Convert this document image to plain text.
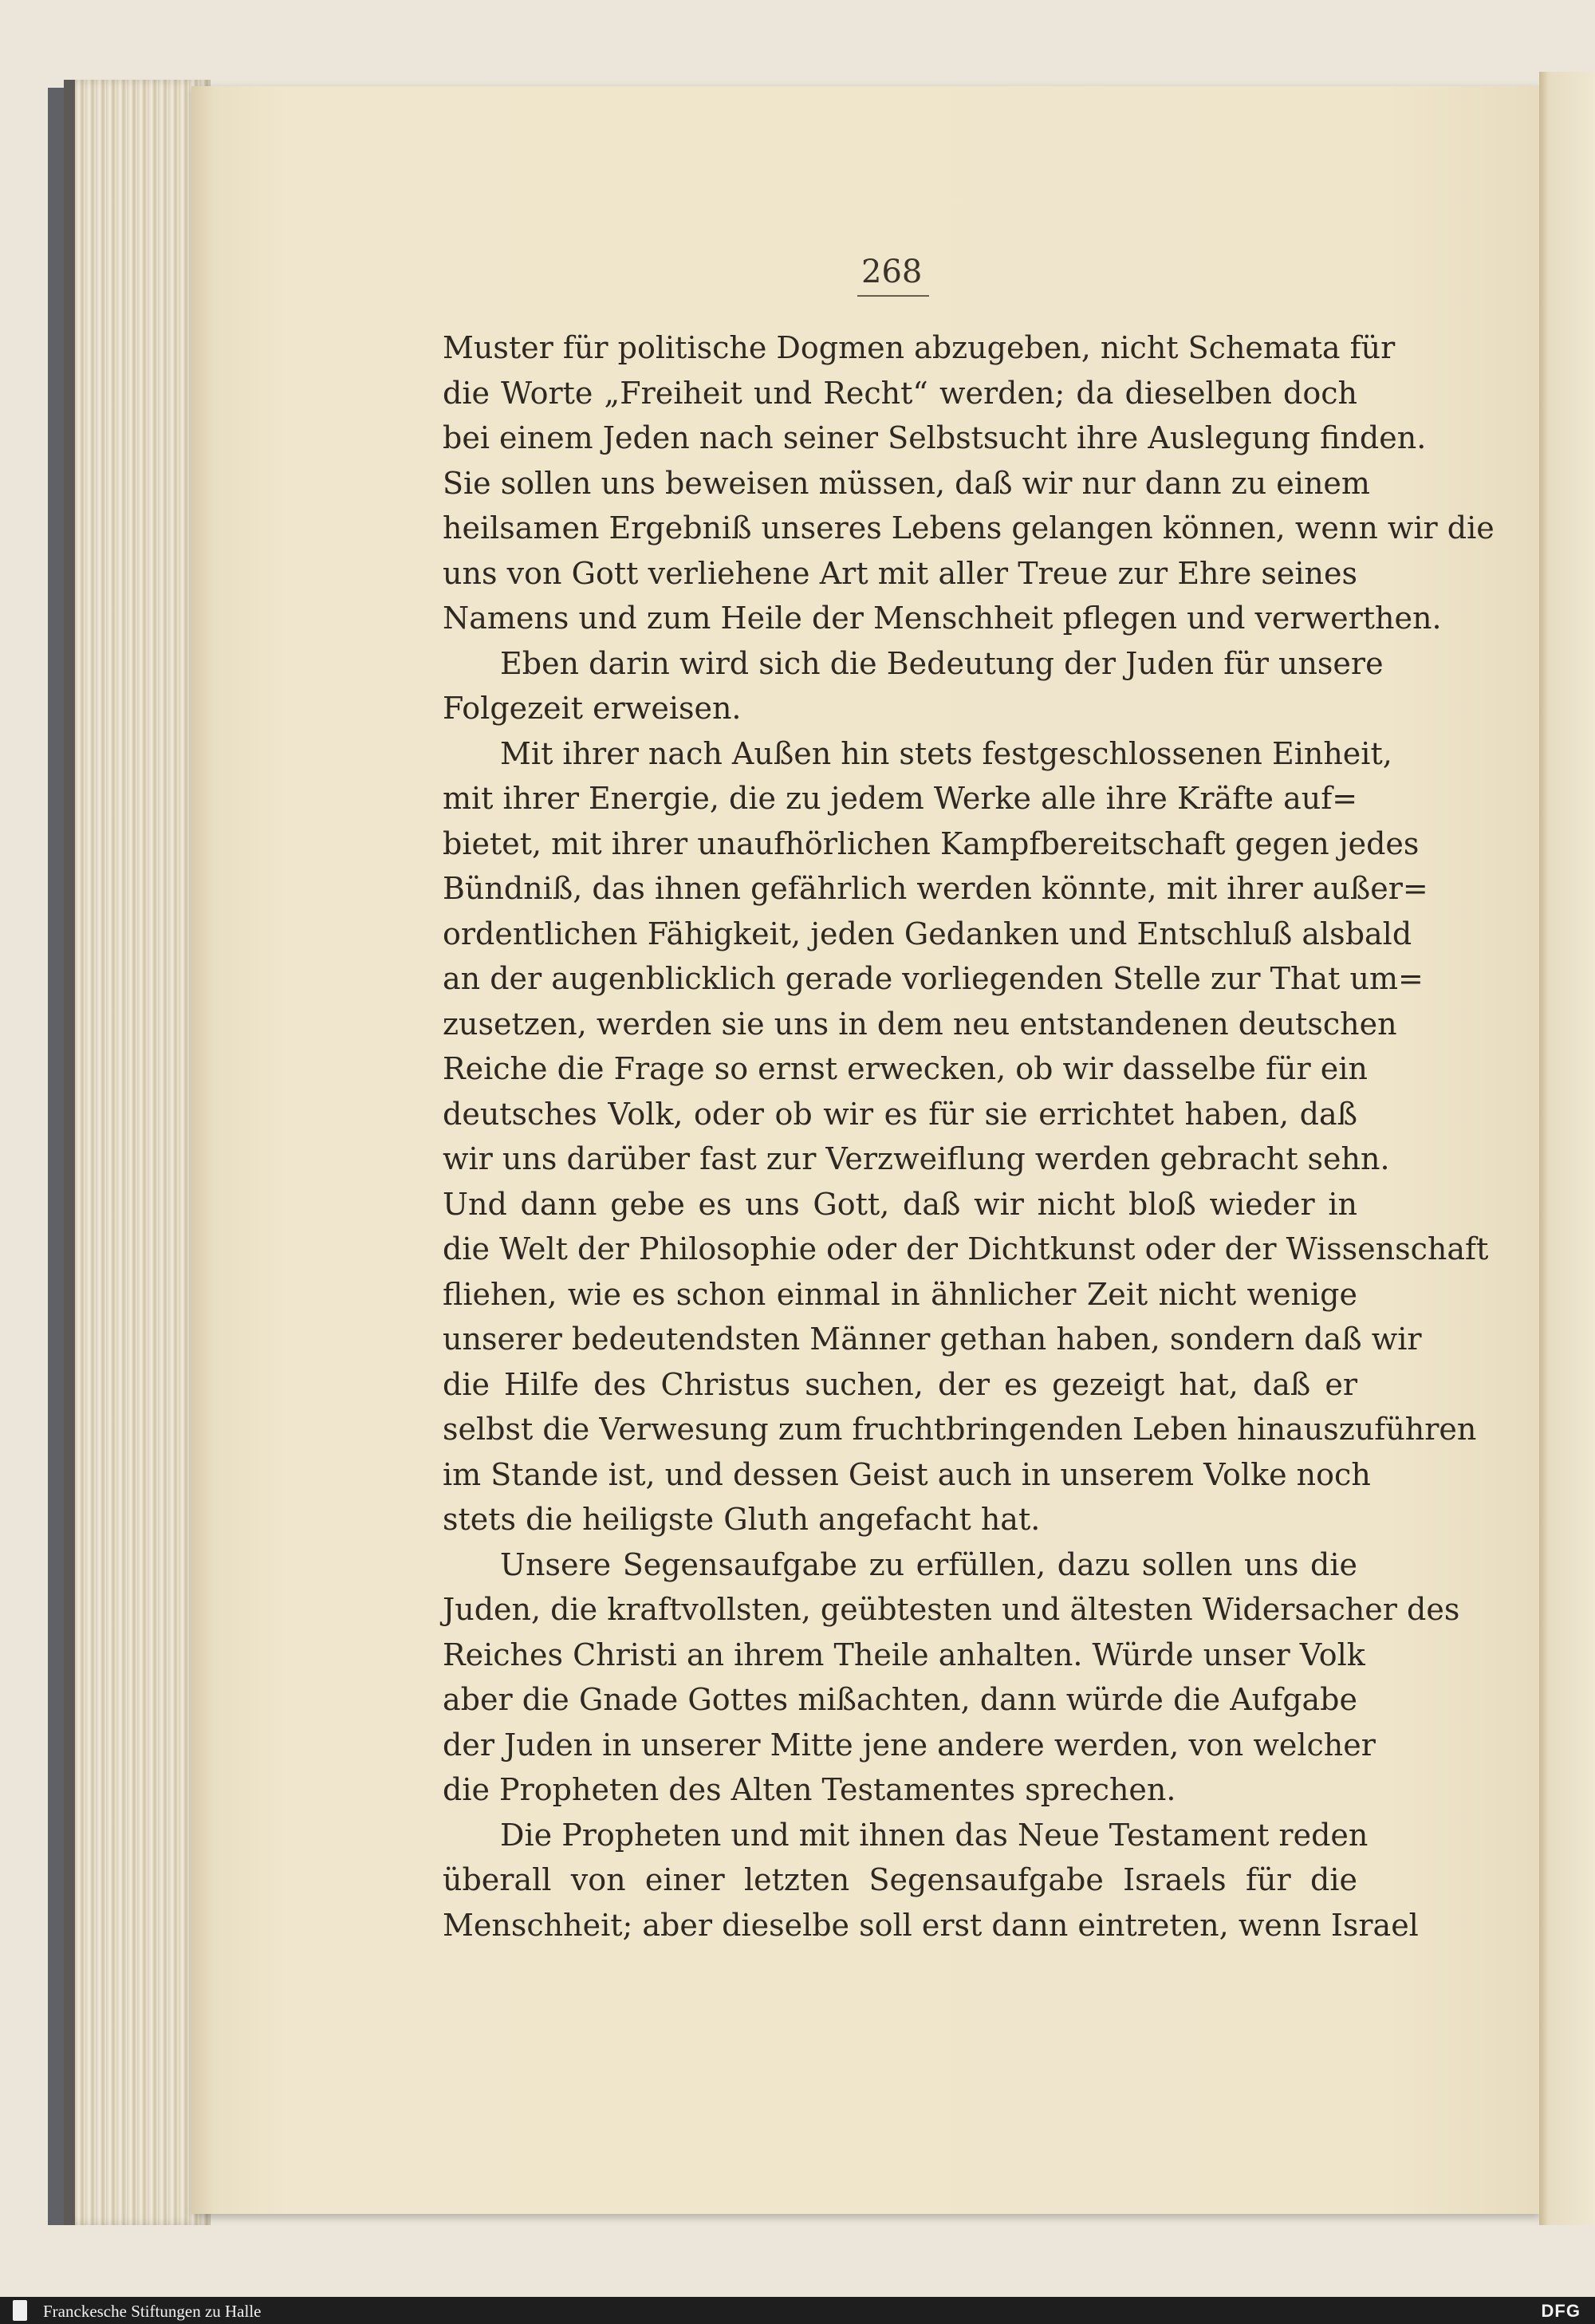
268
Muster für politische Dogmen abzugeben, nicht Schemata für
die Worte „Freiheit und Recht“ werden; da dieselben doch
bei einem Jeden nach seiner Selbstsucht ihre Auslegung finden.
Sie sollen uns beweisen müssen, daß wir nur dann zu einem
heilsamen Ergebniß unseres Lebens gelangen können, wenn wir die
uns von Gott verliehene Art mit aller Treue zur Ehre seines
Namens und zum Heile der Menschheit pflegen und verwerthen.
Eben darin wird sich die Bedeutung der Juden für unsere
Folgezeit erweisen.
Mit ihrer nach Außen hin stets festgeschlossenen Einheit,
mit ihrer Energie, die zu jedem Werke alle ihre Kräfte auf=
bietet, mit ihrer unaufhörlichen Kampfbereitschaft gegen jedes
Bündniß, das ihnen gefährlich werden könnte, mit ihrer außer=
ordentlichen Fähigkeit, jeden Gedanken und Entschluß alsbald
an der augenblicklich gerade vorliegenden Stelle zur That um=
zusetzen, werden sie uns in dem neu entstandenen deutschen
Reiche die Frage so ernst erwecken, ob wir dasselbe für ein
deutsches Volk, oder ob wir es für sie errichtet haben, daß
wir uns darüber fast zur Verzweiflung werden gebracht sehn.
Und dann gebe es uns Gott, daß wir nicht bloß wieder in
die Welt der Philosophie oder der Dichtkunst oder der Wissenschaft
fliehen, wie es schon einmal in ähnlicher Zeit nicht wenige
unserer bedeutendsten Männer gethan haben, sondern daß wir
die Hilfe des Christus suchen, der es gezeigt hat, daß er
selbst die Verwesung zum fruchtbringenden Leben hinauszuführen
im Stande ist, und dessen Geist auch in unserem Volke noch
stets die heiligste Gluth angefacht hat.
Unsere Segensaufgabe zu erfüllen, dazu sollen uns die
Juden, die kraftvollsten, geübtesten und ältesten Widersacher des
Reiches Christi an ihrem Theile anhalten. Würde unser Volk
aber die Gnade Gottes mißachten, dann würde die Aufgabe
der Juden in unserer Mitte jene andere werden, von welcher
die Propheten des Alten Testamentes sprechen.
Die Propheten und mit ihnen das Neue Testament reden
überall von einer letzten Segensaufgabe Israels für die
Menschheit; aber dieselbe soll erst dann eintreten, wenn Israel
Franckesche Stiftungen zu Halle	DFG
